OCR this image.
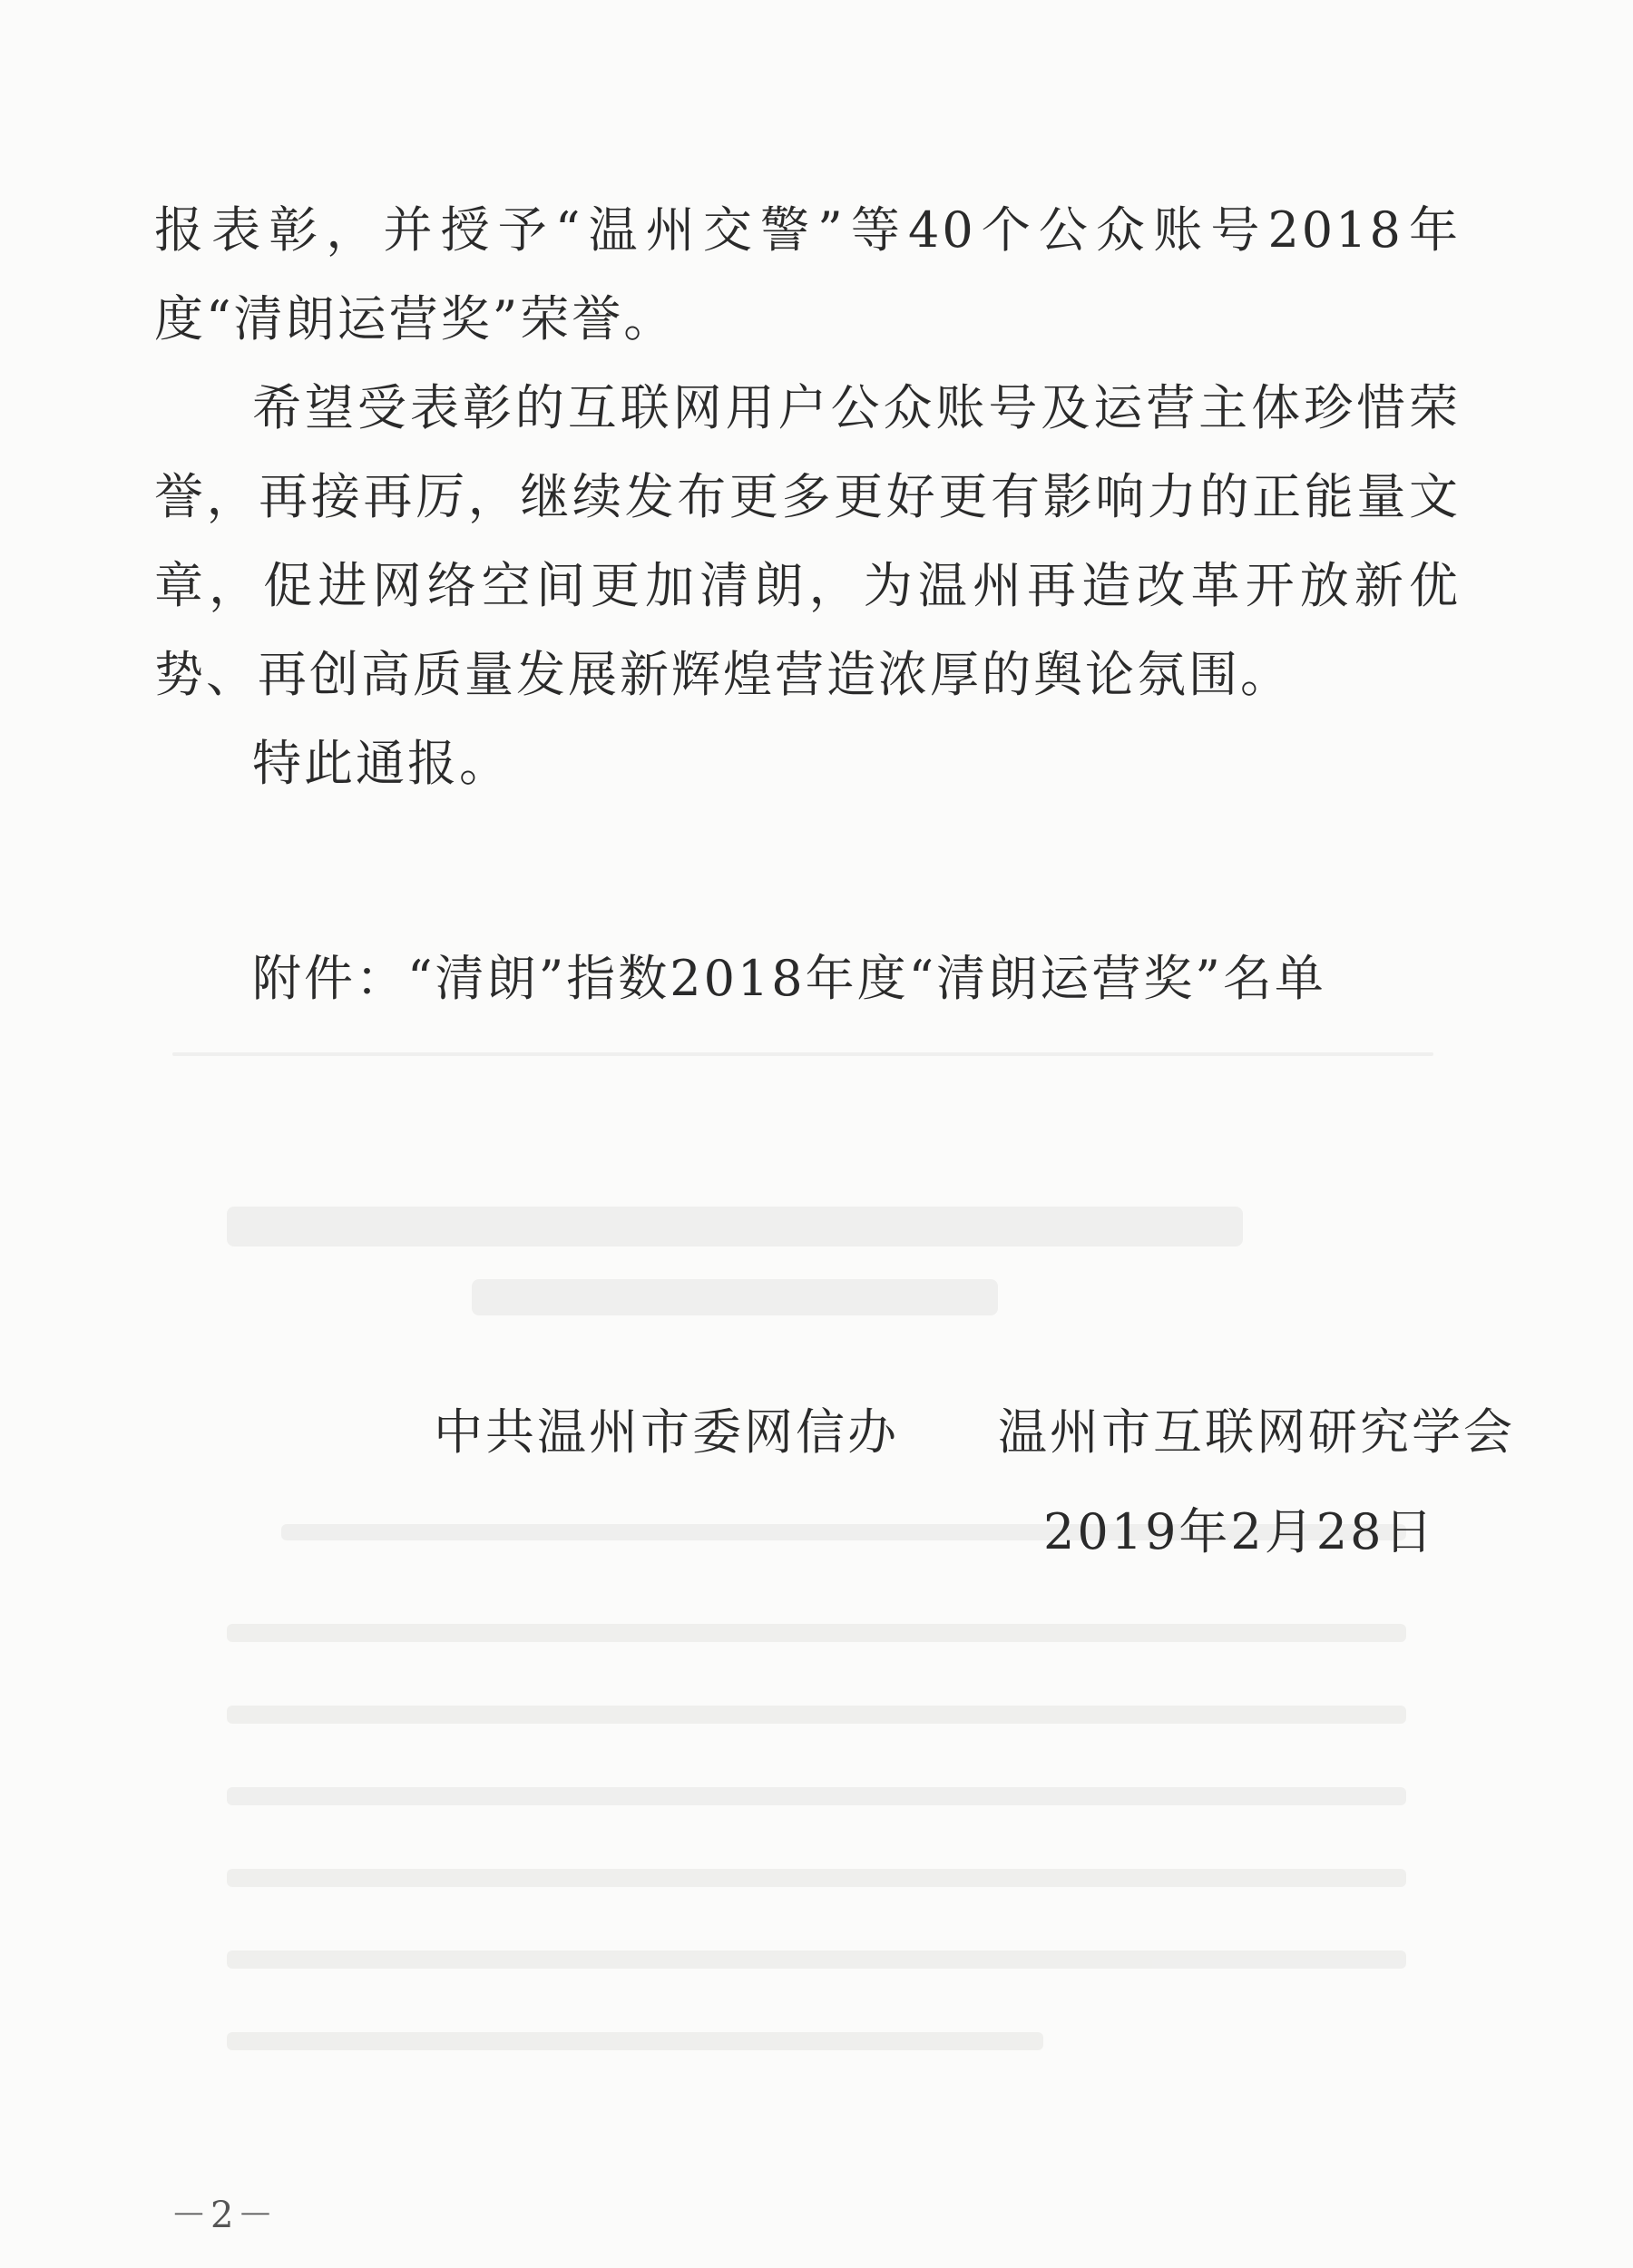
报表彰，并授予“温州交警”等40个公众账号2018年度“清朗运营奖”荣誉。

希望受表彰的互联网用户公众账号及运营主体珍惜荣誉，再接再厉，继续发布更多更好更有影响力的正能量文章，促进网络空间更加清朗，为温州再造改革开放新优势、再创高质量发展新辉煌营造浓厚的舆论氛围。

特此通报。

附件：“清朗”指数2018年度“清朗运营奖”名单

中共温州市委网信办 温州市互联网研究学会

2019年2月28日

－2－
